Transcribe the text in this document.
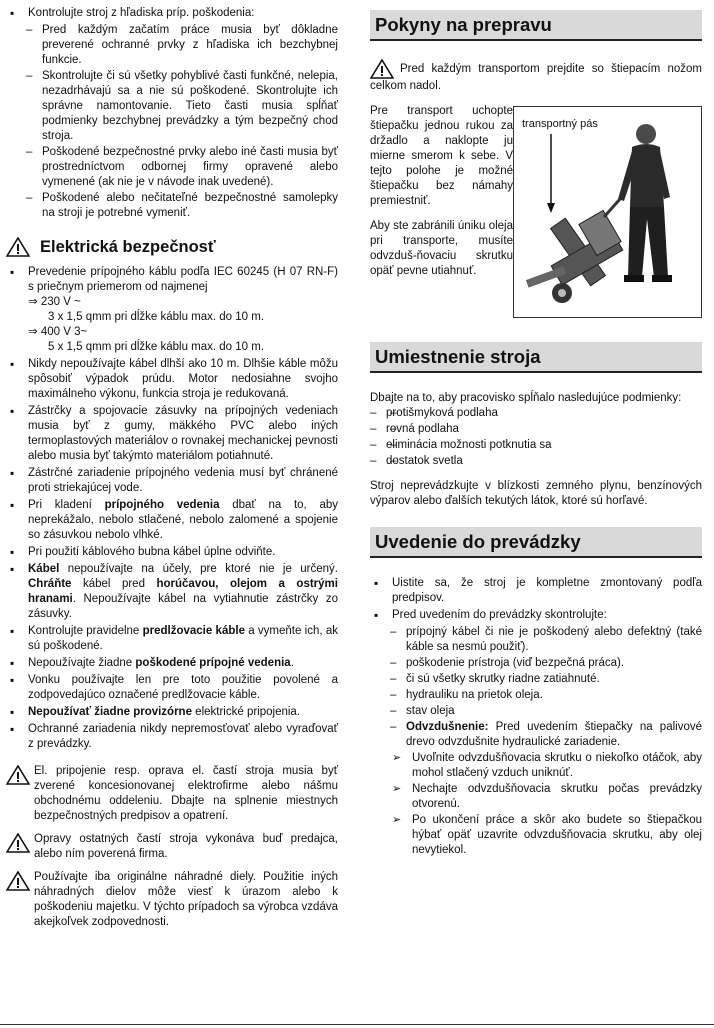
▪ Kontrolujte stroj z hľadiska príp. poškodenia:
– Pred každým začatím práce musia byť dôkladne preverené ochranné prvky z hľadiska ich bezchybnej funkcie.
– Skontrolujte či sú všetky pohyblivé časti funkčné, nelepia, nezadrhávajú sa a nie sú poškodené. Skontrolujte ich správne namontovanie. Tieto časti musia spĺňať podmienky bezchybnej prevádzky a tým bezpečný chod stroja.
– Poškodené bezpečnostné prvky alebo iné časti musia byť prostredníctvom odbornej firmy opravené alebo vymenené (ak nie je v návode inak uvedené).
– Poškodené alebo nečitateľné bezpečnostné samolepky na stroji je potrebné vymeniť.
Elektrická bezpečnosť
▪ Prevedenie prípojného káblu podľa IEC 60245 (H 07 RN-F) s priečnym priemerom od najmenej
⇒ 230 V ~
3 x 1,5 qmm pri dĺžke káblu max. do 10 m.
⇒ 400 V 3~
5 x 1,5 qmm pri dĺžke káblu max. do 10 m.
▪ Nikdy nepoužívajte kábel dlhší ako 10 m. Dlhšie káble môžu spôsobiť výpadok prúdu. Motor nedosiahne svojho maximálneho výkonu, funkcia stroja je redukovaná.
▪ Zástrčky a spojovacie zásuvky na prípojných vedeniach musia byť z gumy, mäkkého PVC alebo iných termoplastových materiálov o rovnakej mechanickej pevnosti alebo musia byť takýmto materiálom potiahnuté.
▪ Zástrčné zariadenie prípojného vedenia musí byť chránené proti striekajúcej vode.
▪ Pri kladení prípojného vedenia dbať na to, aby neprekážalo, nebolo stlačené, nebolo zalomené a spojenie so zásuvkou nebolo vlhké.
▪ Pri použití káblového bubna kábel úplne odviňte.
▪ Kábel nepoužívajte na účely, pre ktoré nie je určený. Chráňte kábel pred horúčavou, olejom a ostrými hranami. Nepoužívajte kábel na vytiahnutie zástrčky zo zásuvky.
▪ Kontrolujte pravidelne predlžovacie káble a vymeňte ich, ak sú poškodené.
▪ Nepoužívajte žiadne poškodené prípojné vedenia.
▪ Vonku používajte len pre toto použitie povolené a zodpovedajúco označené predlžovacie káble.
▪ Nepoužívať žiadne provizórne elektrické pripojenia.
▪ Ochranné zariadenia nikdy nepremosťovať alebo vyraďovať z prevádzky.
El. pripojenie resp. oprava el. častí stroja musia byť zverené koncesionovanej elektrofirme alebo nášmu obchodnému oddeleniu. Dbajte na splnenie miestnych bezpečnostných predpisov a opatrení.
Opravy ostatných častí stroja vykonáva buď predajca, alebo ním poverená firma.
Používajte iba originálne náhradné diely. Použitie iných náhradných dielov môže viesť k úrazom alebo k poškodeniu majetku. V týchto prípadoch sa výrobca vzdáva akejkoľvek zodpovednosti.
Pokyny na prepravu
Pred každým transportom prejdite so štiepacím nožom celkom nadol.
Pre transport uchopte štiepačku jednou rukou za držadlo a naklopte ju mierne smerom k sebe. V tejto polohe je možné štiepačku bez námahy premiestniť.
Aby ste zabránili úniku oleja pri transporte, musíte odvzduš-ňovaciu skrutku opäť pevne utiahnuť.
transportný pás
Umiestnenie stroja
Dbajte na to, aby pracovisko spĺňalo nasledujúce podmienky:
– – protišmyková podlaha
– – rovná podlaha
– – eliminácia možnosti potknutia sa
– – dostatok svetla
Stroj neprevádzkujte v blízkosti zemného plynu, benzínových výparov alebo ďalších tekutých látok, ktoré sú horľavé.
Uvedenie do prevádzky
▪ Uistite sa, že stroj je kompletne zmontovaný podľa predpisov.
▪ Pred uvedením do prevádzky skontrolujte:
– prípojný kábel či nie je poškodený alebo defektný (také káble sa nesmú použiť).
– poškodenie prístroja (viď bezpečná práca).
– či sú všetky skrutky riadne zatiahnuté.
– hydrauliku na prietok oleja.
– stav oleja
– Odvzdušnenie: Pred uvedením štiepačky na palivové drevo odvzdušnite hydraulické zariadenie.
➢ Uvoľnite odvzdušňovacia skrutku o niekoľko otáčok, aby mohol stlačený vzduch uniknúť.
➢ Nechajte odvzdušňovacia skrutku počas prevádzky otvorenú.
➢ Po ukončení práce a skôr ako budete so štiepačkou hýbať opäť uzavrite odvzdušňovacia skrutku, aby olej nevytiekol.
